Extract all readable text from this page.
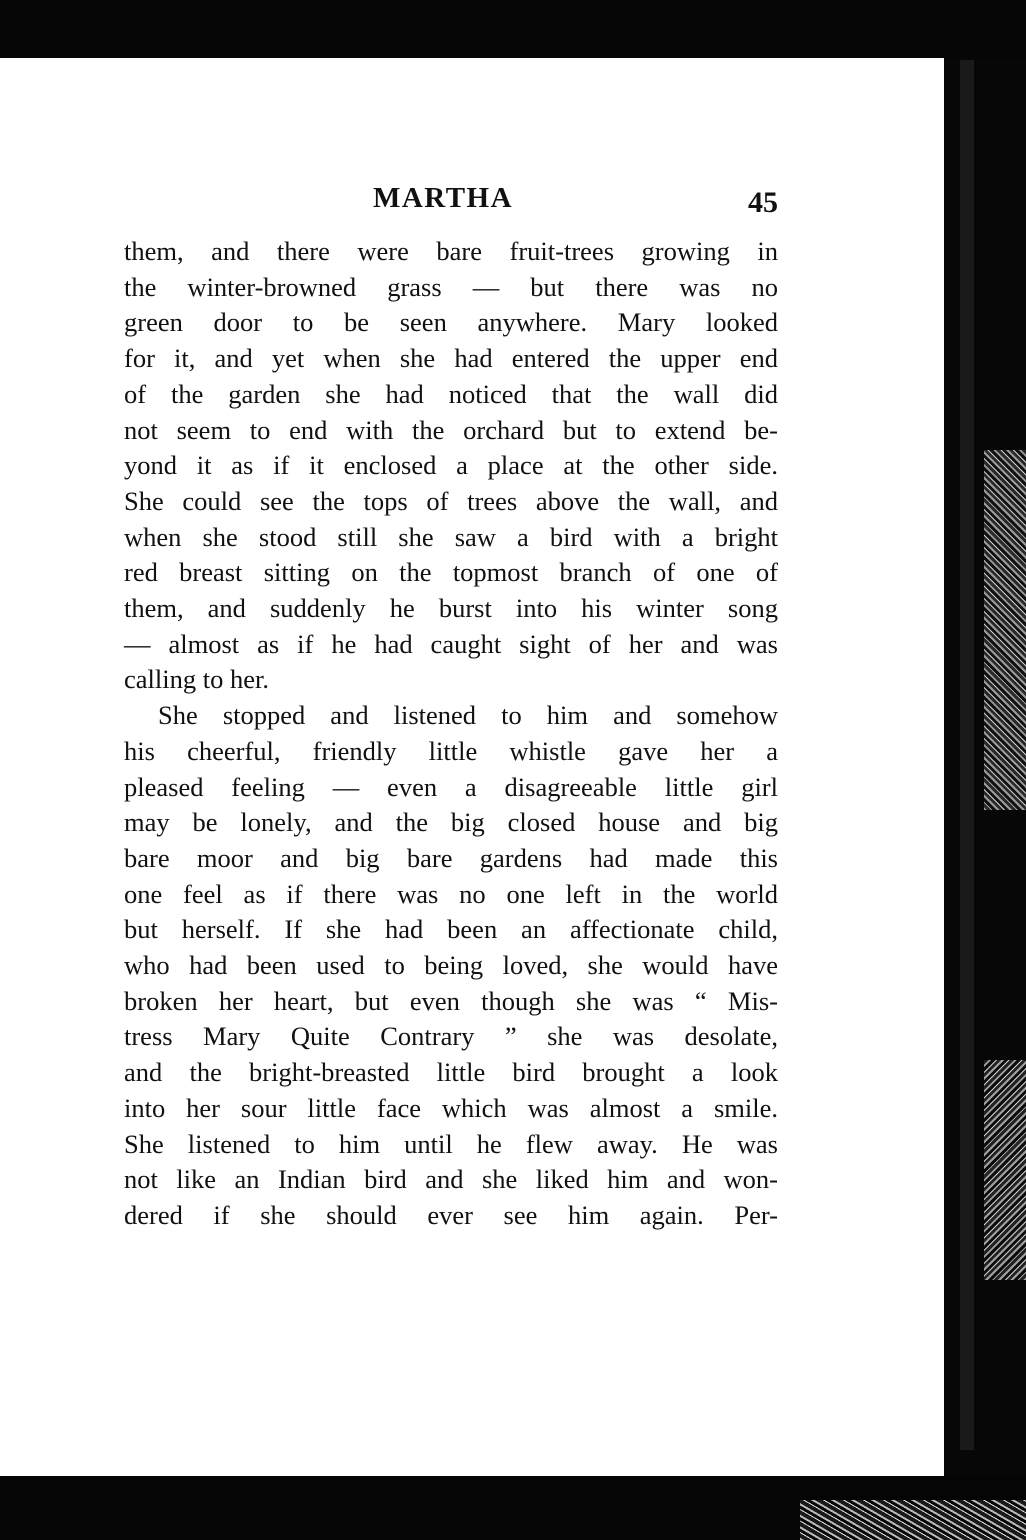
MARTHA	45

them, and there were bare fruit-trees growing in
the winter-browned grass — but there was no
green door to be seen anywhere. Mary looked
for it, and yet when she had entered the upper end
of the garden she had noticed that the wall did
not seem to end with the orchard but to extend be-
yond it as if it enclosed a place at the other side.
She could see the tops of trees above the wall, and
when she stood still she saw a bird with a bright
red breast sitting on the topmost branch of one of
them, and suddenly he burst into his winter song
— almost as if he had caught sight of her and was
calling to her.

She stopped and listened to him and somehow
his cheerful, friendly little whistle gave her a
pleased feeling — even a disagreeable little girl
may be lonely, and the big closed house and big
bare moor and big bare gardens had made this
one feel as if there was no one left in the world
but herself. If she had been an affectionate child,
who had been used to being loved, she would have
broken her heart, but even though she was “ Mis-
tress Mary Quite Contrary ” she was desolate,
and the bright-breasted little bird brought a look
into her sour little face which was almost a smile.
She listened to him until he flew away. He was
not like an Indian bird and she liked him and won-
dered if she should ever see him again. Per-
